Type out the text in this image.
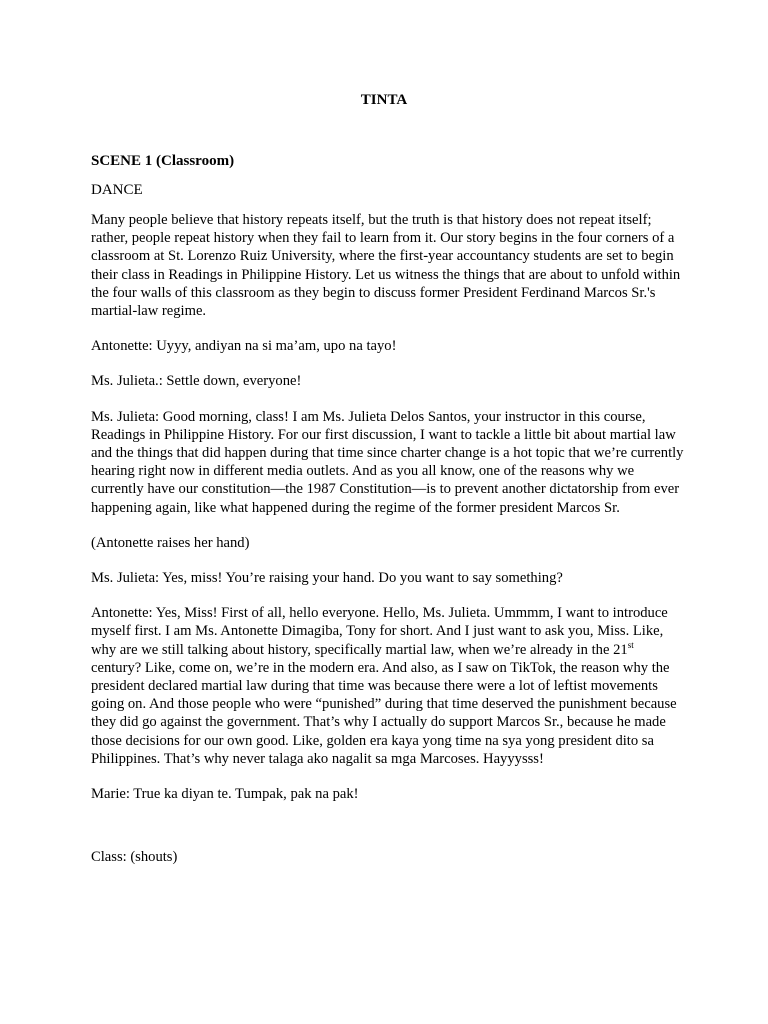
TINTA
SCENE 1 (Classroom)
DANCE

Many people believe that history repeats itself, but the truth is that history does not repeat itself; rather, people repeat history when they fail to learn from it. Our story begins in the four corners of a classroom at St. Lorenzo Ruiz University, where the first-year accountancy students are set to begin their class in Readings in Philippine History. Let us witness the things that are about to unfold within the four walls of this classroom as they begin to discuss former President Ferdinand Marcos Sr.'s martial-law regime.

Antonette: Uyyy, andiyan na si ma’am, upo na tayo!

Ms. Julieta.: Settle down, everyone!

Ms. Julieta: Good morning, class! I am Ms. Julieta Delos Santos, your instructor in this course, Readings in Philippine History. For our first discussion, I want to tackle a little bit about martial law and the things that did happen during that time since charter change is a hot topic that we’re currently hearing right now in different media outlets. And as you all know, one of the reasons why we currently have our constitution—the 1987 Constitution—is to prevent another dictatorship from ever happening again, like what happened during the regime of the former president Marcos Sr.

(Antonette raises her hand)

Ms. Julieta: Yes, miss! You’re raising your hand. Do you want to say something?

Antonette: Yes, Miss! First of all, hello everyone. Hello, Ms. Julieta. Ummmm, I want to introduce myself first. I am Ms. Antonette Dimagiba, Tony for short. And I just want to ask you, Miss. Like, why are we still talking about history, specifically martial law, when we’re already in the 21st century? Like, come on, we’re in the modern era. And also, as I saw on TikTok, the reason why the president declared martial law during that time was because there were a lot of leftist movements going on. And those people who were “punished” during that time deserved the punishment because they did go against the government. That’s why I actually do support Marcos Sr., because he made those decisions for our own good. Like, golden era kaya yong time na sya yong president dito sa Philippines. That’s why never talaga ako nagalit sa mga Marcoses. Hayyysss!

Marie: True ka diyan te. Tumpak, pak na pak!

Class: (shouts)
